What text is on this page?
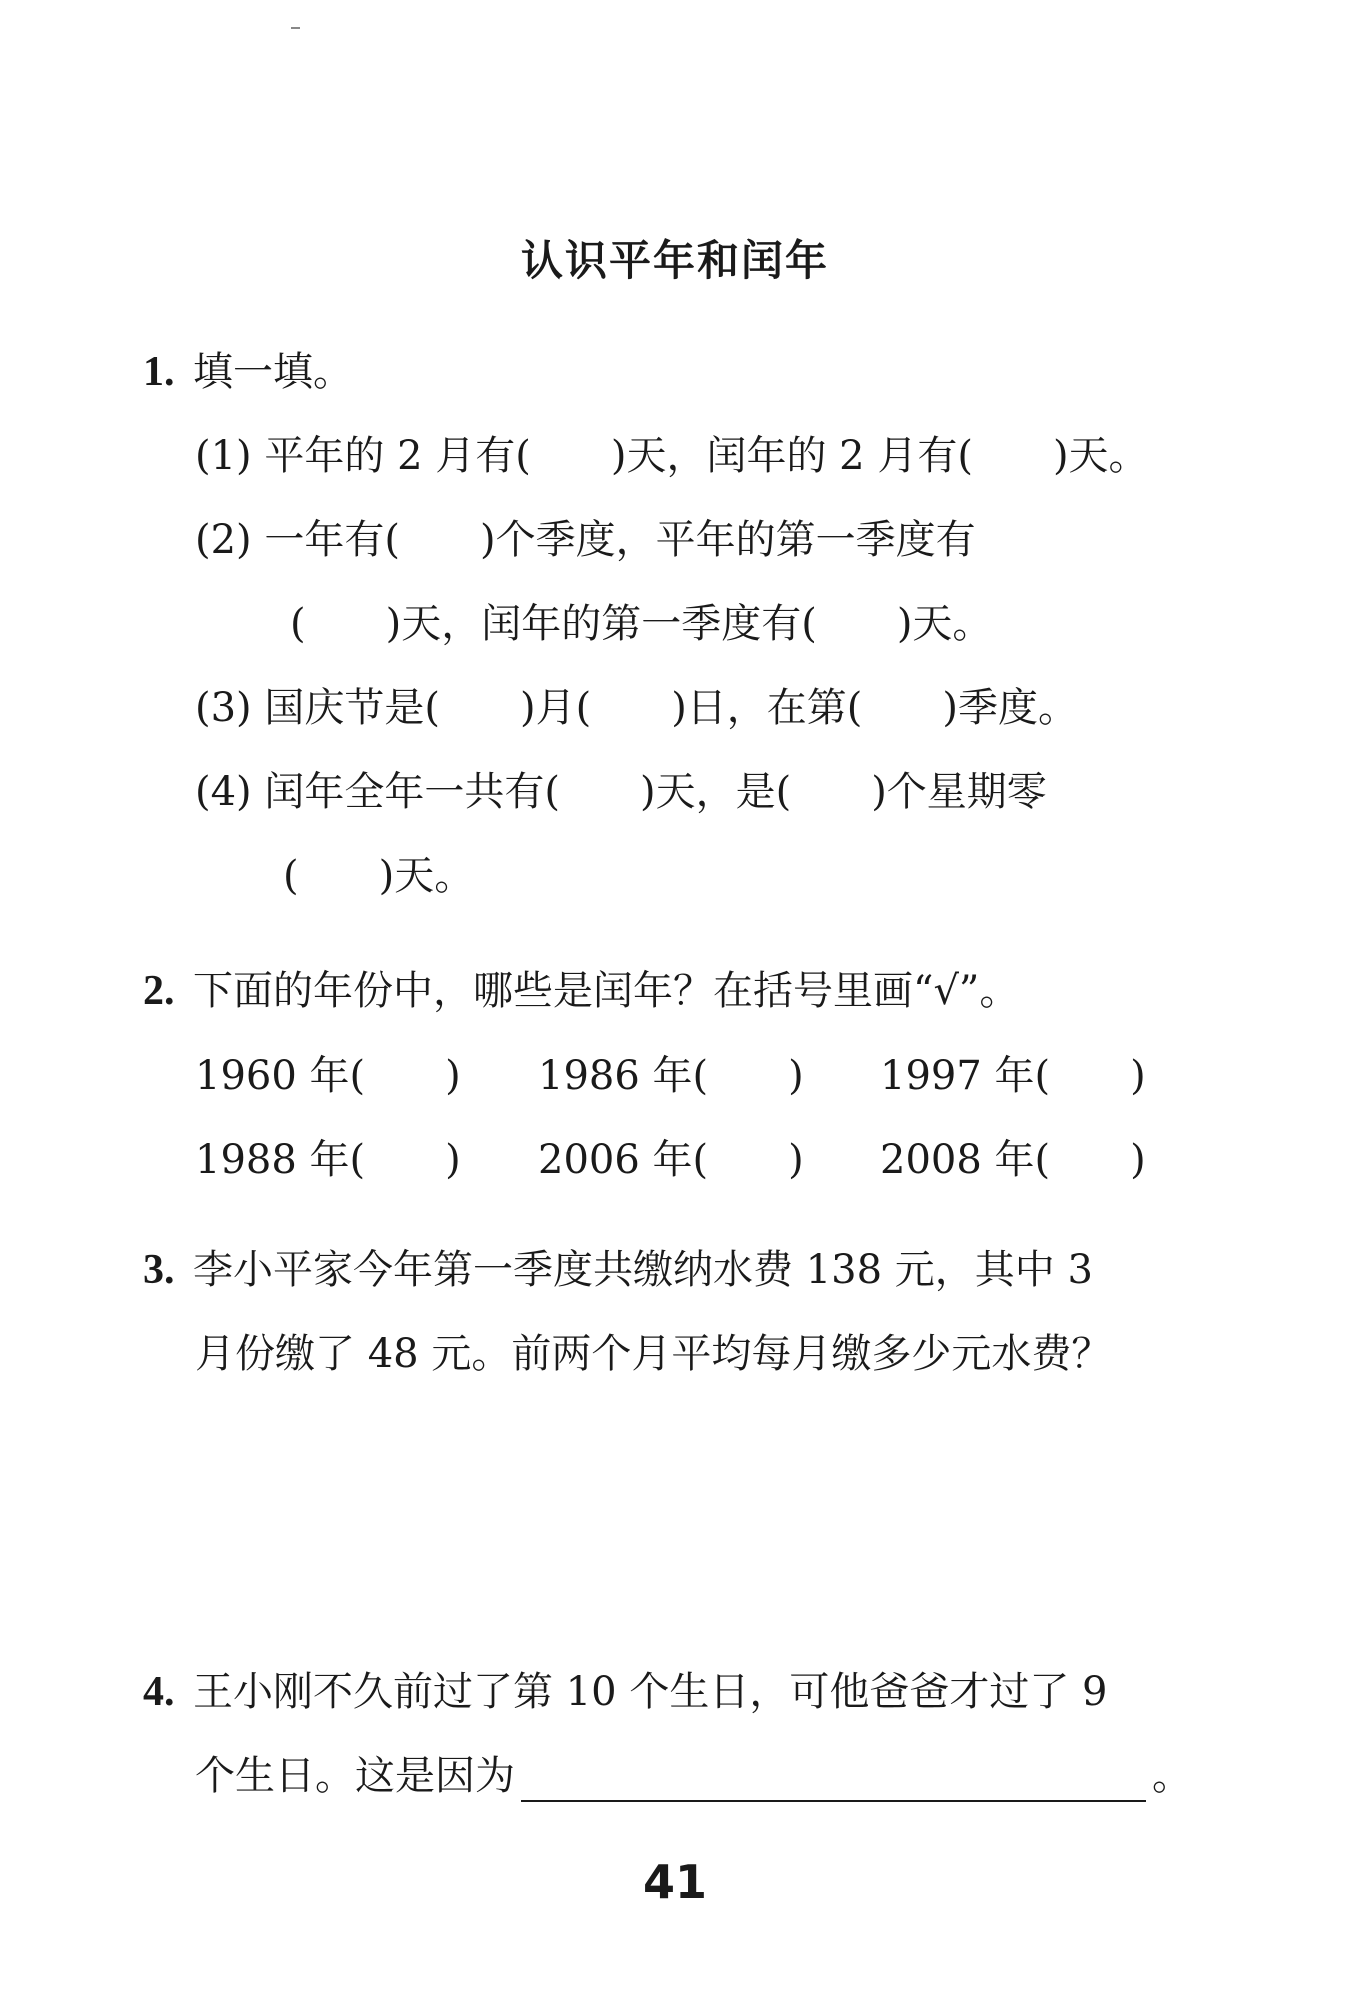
认识平年和闰年
1. 填一填。
(1) 平年的 2 月有(　　)天，闰年的 2 月有(　　)天。
(2) 一年有(　　)个季度，平年的第一季度有
(　　)天，闰年的第一季度有(　　)天。
(3) 国庆节是(　　)月(　　)日，在第(　　)季度。
(4) 闰年全年一共有(　　)天，是(　　)个星期零
(　　)天。
2. 下面的年份中，哪些是闰年？在括号里画“√”。
1960 年(　　) 1986 年(　　) 1997 年(　　)
1988 年(　　) 2006 年(　　) 2008 年(　　)
3. 李小平家今年第一季度共缴纳水费 138 元，其中 3
月份缴了 48 元。前两个月平均每月缴多少元水费？
4. 王小刚不久前过了第 10 个生日，可他爸爸才过了 9
个生日。这是因为	。
41
